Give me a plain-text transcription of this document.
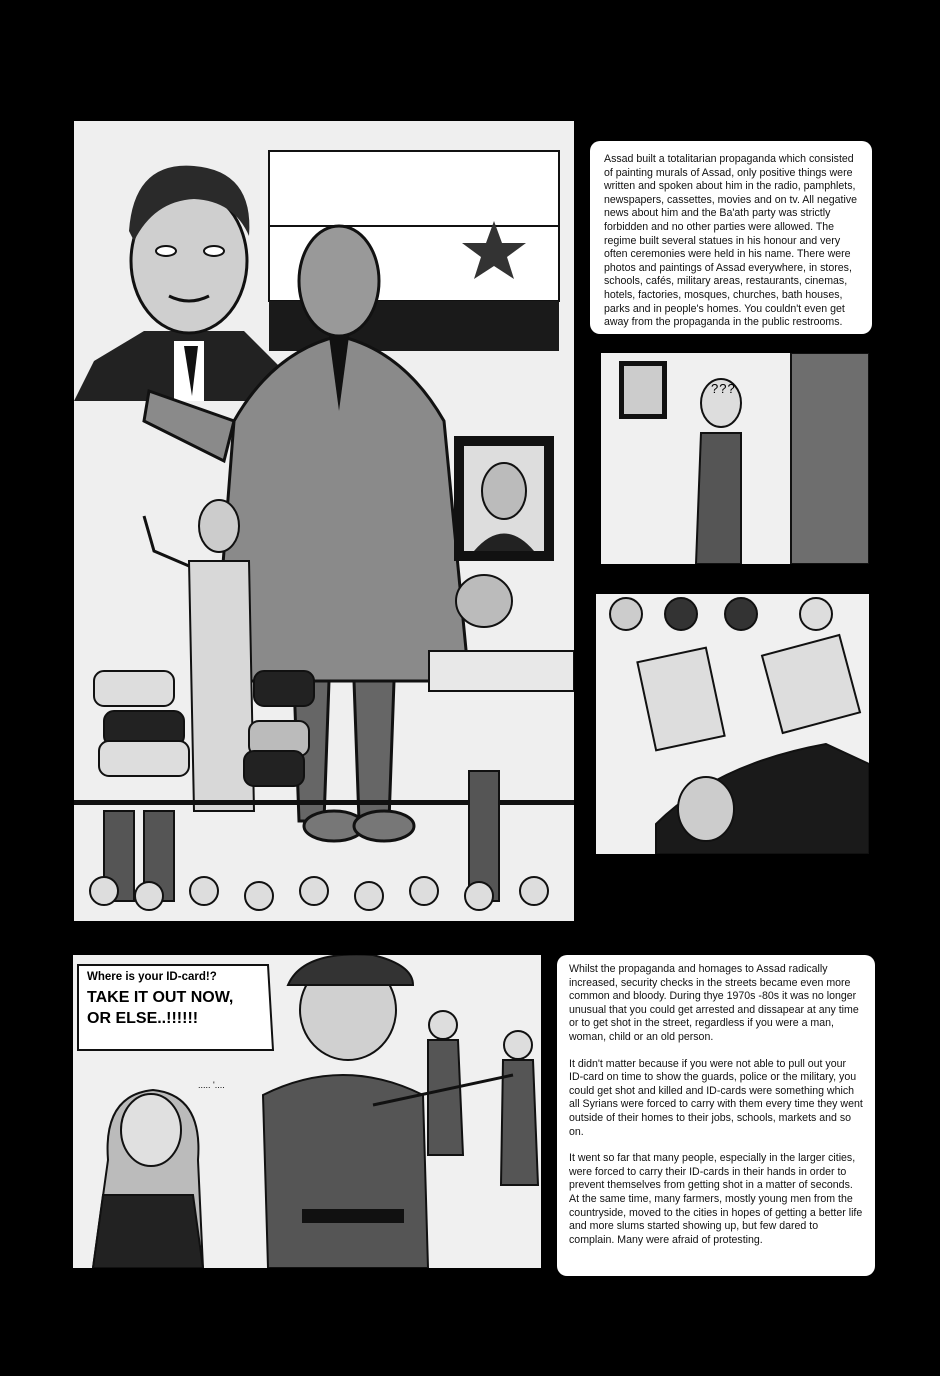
Assad built a totalitarian propaganda which consisted of painting murals of Assad, only positive things were written and spoken about him in the radio, pamphlets, newspapers, cassettes, movies and on tv. All negative news about him and the Ba'ath party was strictly forbidden and no other parties were allowed. The regime built several statues in his honour and very often ceremonies were held in his name. There were photos and paintings of Assad everywhere, in stores, schools, cafés, military areas, restaurants, cinemas, hotels, factories, mosques, churches, bath houses, parks and in people's homes. You couldn't even get away from the propaganda in the public restrooms.

???
Where is your ID-card!?
TAKE IT OUT NOW,
OR ELSE..!!!!!!
..... '....

Whilst the propaganda and homages to Assad radically increased, security checks in the streets became even more common and bloody. During thye 1970s -80s it was no longer unusual that you could get arrested and dissapear at any time or to get shot in the street, regardless if you were a man, woman, child or an old person.

It didn't matter because if you were not able to pull out your ID-card on time to show the guards, police or the military, you could get shot and killed and ID-cards were something which all Syrians were forced to carry with them every time they went outside of their homes to their jobs, schools, markets and so on.

It went so far that many people, especially in the larger cities, were forced to carry their ID-cards in their hands in order to prevent themselves from getting shot in a matter of seconds. At the same time, many farmers, mostly young men from the countryside, moved to the cities in hopes of getting a better life and more slums started showing up, but few dared to complain. Many were afraid of protesting.
